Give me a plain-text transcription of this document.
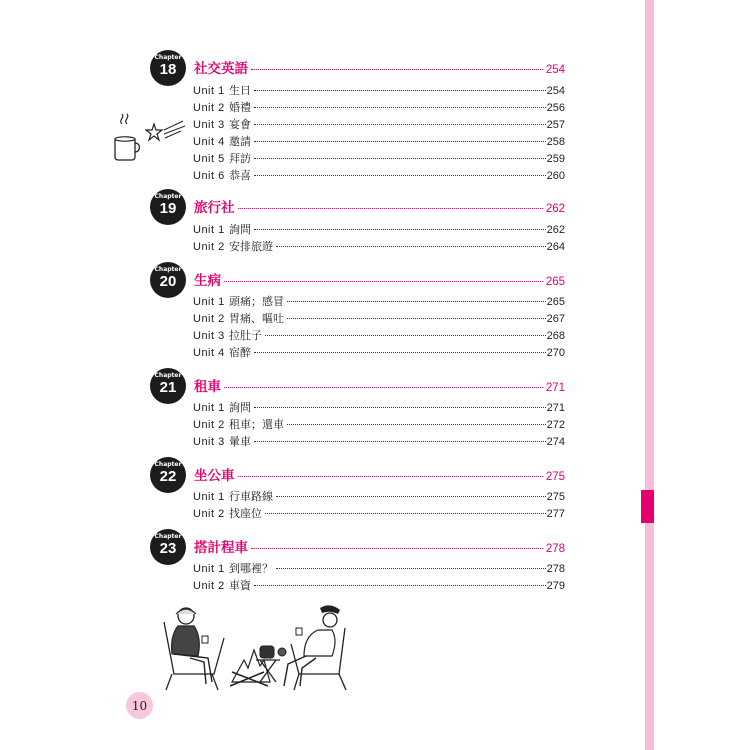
Chapter
18	社交英語	254
Unit 1 生日	254
Unit 2 婚禮	256
Unit 3 宴會	257
Unit 4 邀請	258
Unit 5 拜訪	259
Unit 6 恭喜	260
Chapter
19	旅行社	262
Unit 1 詢問	262
Unit 2 安排旅遊	264
Chapter
20	生病	265
Unit 1 頭痛；感冒	265
Unit 2 胃痛、嘔吐	267
Unit 3 拉肚子	268
Unit 4 宿醉	270
Chapter
21	租車	271
Unit 1 詢問	271
Unit 2 租車；還車	272
Unit 3 暈車	274
Chapter
22	坐公車	275
Unit 1 行車路線	275
Unit 2 找座位	277
Chapter
23	搭計程車	278
Unit 1 到哪裡？	278
Unit 2 車資	279
10
